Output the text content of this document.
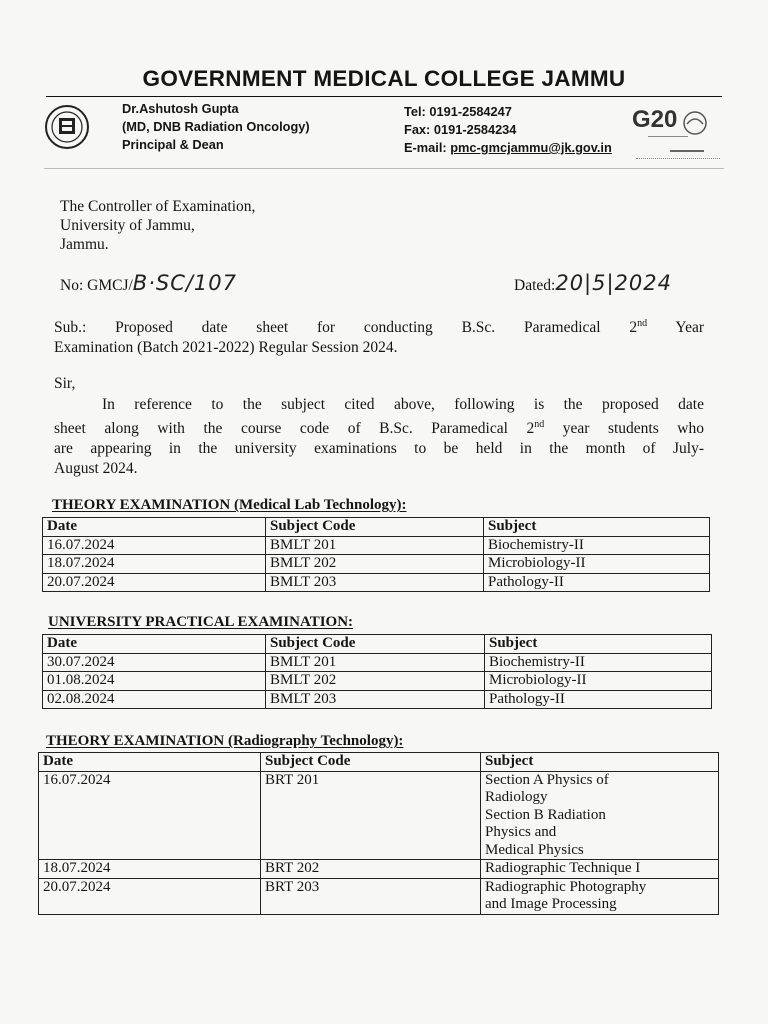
GOVERNMENT MEDICAL COLLEGE JAMMU
Dr.Ashutosh Gupta
(MD, DNB Radiation Oncology)
Principal & Dean
Tel: 0191-2584247
Fax: 0191-2584234
E-mail: pmc-gmcjammu@jk.gov.in
G20
The Controller of Examination,
University of Jammu,
Jammu.
No: GMCJ/B·SC/107	Dated:20|5|2024
Sub.: Proposed date sheet for conducting B.Sc. Paramedical 2nd Year
Examination (Batch 2021-2022) Regular Session 2024.
Sir,
In reference to the subject cited above, following is the proposed date
sheet along with the course code of B.Sc. Paramedical 2nd year students who
are appearing in the university examinations to be held in the month of July-
August 2024.
THEORY EXAMINATION (Medical Lab Technology):
Date	Subject Code	Subject
16.07.2024	BMLT 201	Biochemistry-II
18.07.2024	BMLT 202	Microbiology-II
20.07.2024	BMLT 203	Pathology-II
UNIVERSITY PRACTICAL EXAMINATION:
Date	Subject Code	Subject
30.07.2024	BMLT 201	Biochemistry-II
01.08.2024	BMLT 202	Microbiology-II
02.08.2024	BMLT 203	Pathology-II
THEORY EXAMINATION (Radiography Technology):
Date	Subject Code	Subject
16.07.2024	BRT 201	Section A Physics of
Radiology
Section B Radiation
Physics and
Medical Physics

18.07.2024	BRT 202	Radiographic Technique I

20.07.2024	BRT 203	Radiographic Photography
and Image Processing
